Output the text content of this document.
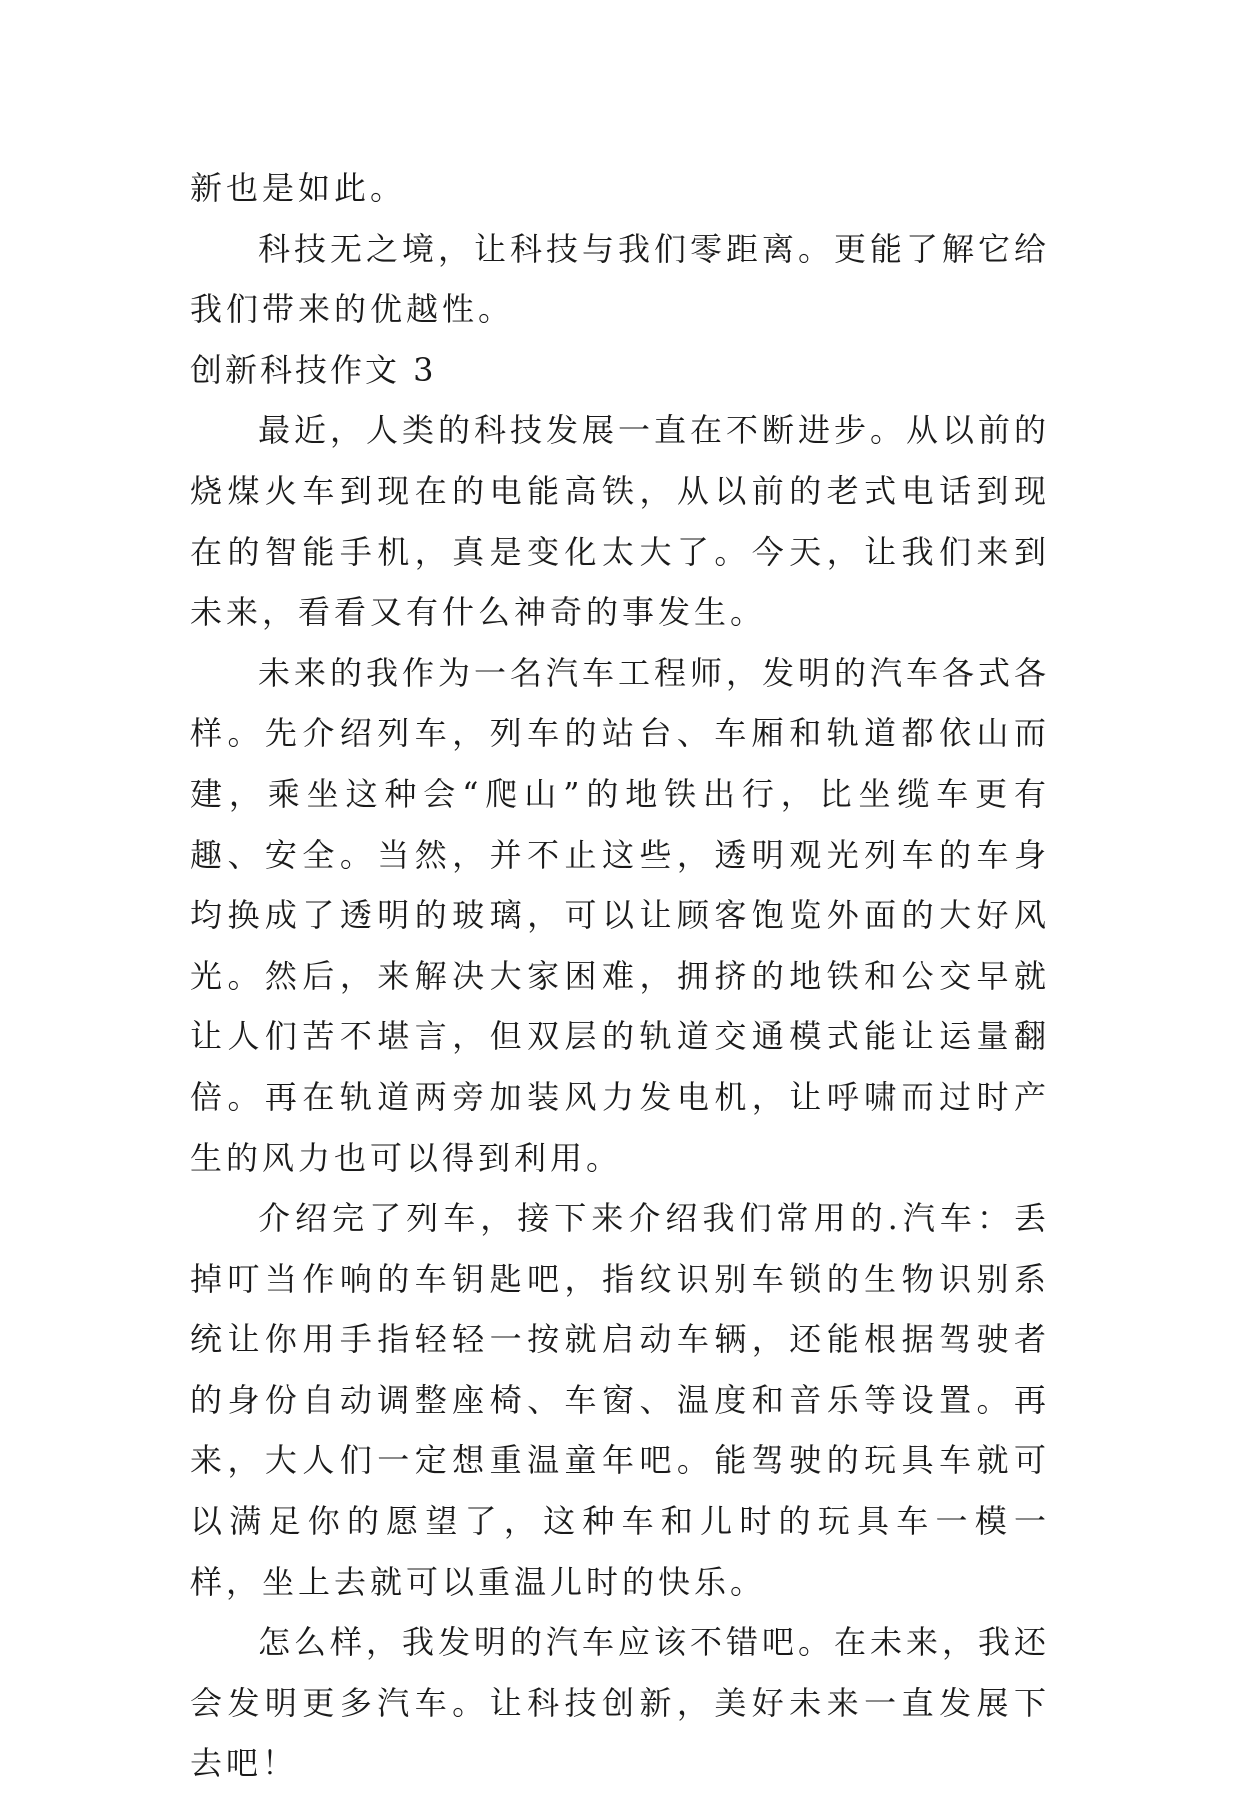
新也是如此。

科技无之境，让科技与我们零距离。更能了解它给我们带来的优越性。

创新科技作文 3

最近，人类的科技发展一直在不断进步。从以前的烧煤火车到现在的电能高铁，从以前的老式电话到现在的智能手机，真是变化太大了。今天，让我们来到未来，看看又有什么神奇的事发生。

未来的我作为一名汽车工程师，发明的汽车各式各样。先介绍列车，列车的站台、车厢和轨道都依山而建，乘坐这种会“爬山”的地铁出行，比坐缆车更有趣、安全。当然，并不止这些，透明观光列车的车身均换成了透明的玻璃，可以让顾客饱览外面的大好风光。然后，来解决大家困难，拥挤的地铁和公交早就让人们苦不堪言，但双层的轨道交通模式能让运量翻倍。再在轨道两旁加装风力发电机，让呼啸而过时产生的风力也可以得到利用。

介绍完了列车，接下来介绍我们常用的.汽车：丢掉叮当作响的车钥匙吧，指纹识别车锁的生物识别系统让你用手指轻轻一按就启动车辆，还能根据驾驶者的身份自动调整座椅、车窗、温度和音乐等设置。再来，大人们一定想重温童年吧。能驾驶的玩具车就可以满足你的愿望了，这种车和儿时的玩具车一模一样，坐上去就可以重温儿时的快乐。

怎么样，我发明的汽车应该不错吧。在未来，我还会发明更多汽车。让科技创新，美好未来一直发展下去吧！
